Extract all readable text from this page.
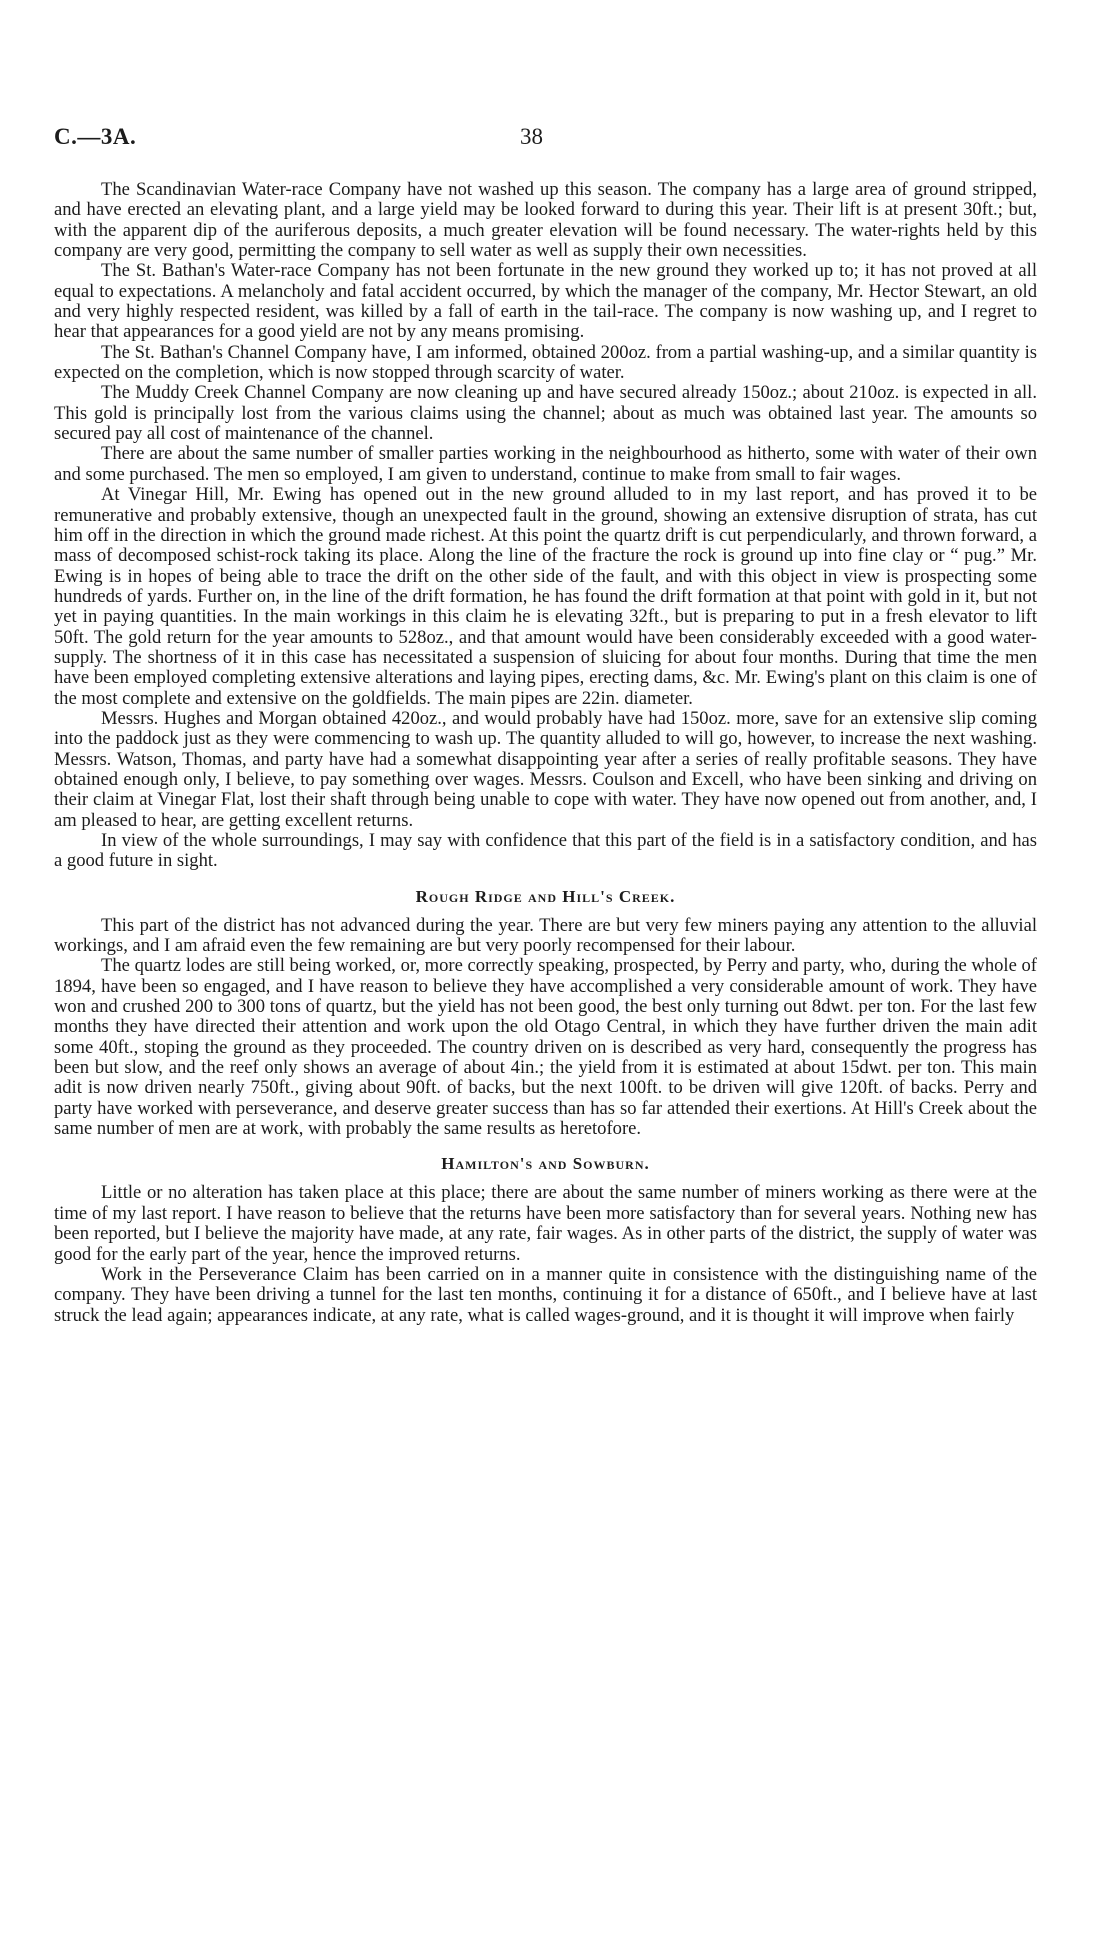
C.—3A.	38

The Scandinavian Water-race Company have not washed up this season. The company has a large area of ground stripped, and have erected an elevating plant, and a large yield may be looked forward to during this year. Their lift is at present 30ft.; but, with the apparent dip of the auriferous deposits, a much greater elevation will be found necessary. The water-rights held by this company are very good, permitting the company to sell water as well as supply their own necessities.

The St. Bathan's Water-race Company has not been fortunate in the new ground they worked up to; it has not proved at all equal to expectations. A melancholy and fatal accident occurred, by which the manager of the company, Mr. Hector Stewart, an old and very highly respected resident, was killed by a fall of earth in the tail-race. The company is now washing up, and I regret to hear that appearances for a good yield are not by any means promising.

The St. Bathan's Channel Company have, I am informed, obtained 200oz. from a partial washing-up, and a similar quantity is expected on the completion, which is now stopped through scarcity of water.

The Muddy Creek Channel Company are now cleaning up and have secured already 150oz.; about 210oz. is expected in all. This gold is principally lost from the various claims using the channel; about as much was obtained last year. The amounts so secured pay all cost of maintenance of the channel.

There are about the same number of smaller parties working in the neighbourhood as hitherto, some with water of their own and some purchased. The men so employed, I am given to understand, continue to make from small to fair wages.

At Vinegar Hill, Mr. Ewing has opened out in the new ground alluded to in my last report, and has proved it to be remunerative and probably extensive, though an unexpected fault in the ground, showing an extensive disruption of strata, has cut him off in the direction in which the ground made richest. At this point the quartz drift is cut perpendicularly, and thrown forward, a mass of decomposed schist-rock taking its place. Along the line of the fracture the rock is ground up into fine clay or “ pug.” Mr. Ewing is in hopes of being able to trace the drift on the other side of the fault, and with this object in view is prospecting some hundreds of yards. Further on, in the line of the drift formation, he has found the drift formation at that point with gold in it, but not yet in paying quantities. In the main workings in this claim he is elevating 32ft., but is preparing to put in a fresh elevator to lift 50ft. The gold return for the year amounts to 528oz., and that amount would have been considerably exceeded with a good water-supply. The shortness of it in this case has necessitated a suspension of sluicing for about four months. During that time the men have been employed completing extensive alterations and laying pipes, erecting dams, &c. Mr. Ewing's plant on this claim is one of the most complete and extensive on the goldfields. The main pipes are 22in. diameter.

Messrs. Hughes and Morgan obtained 420oz., and would probably have had 150oz. more, save for an extensive slip coming into the paddock just as they were commencing to wash up. The quantity alluded to will go, however, to increase the next washing. Messrs. Watson, Thomas, and party have had a somewhat disappointing year after a series of really profitable seasons. They have obtained enough only, I believe, to pay something over wages. Messrs. Coulson and Excell, who have been sinking and driving on their claim at Vinegar Flat, lost their shaft through being unable to cope with water. They have now opened out from another, and, I am pleased to hear, are getting excellent returns.

In view of the whole surroundings, I may say with confidence that this part of the field is in a satisfactory condition, and has a good future in sight.

Rough Ridge and Hill's Creek.

This part of the district has not advanced during the year. There are but very few miners paying any attention to the alluvial workings, and I am afraid even the few remaining are but very poorly recompensed for their labour.

The quartz lodes are still being worked, or, more correctly speaking, prospected, by Perry and party, who, during the whole of 1894, have been so engaged, and I have reason to believe they have accomplished a very considerable amount of work. They have won and crushed 200 to 300 tons of quartz, but the yield has not been good, the best only turning out 8dwt. per ton. For the last few months they have directed their attention and work upon the old Otago Central, in which they have further driven the main adit some 40ft., stoping the ground as they proceeded. The country driven on is described as very hard, consequently the progress has been but slow, and the reef only shows an average of about 4in.; the yield from it is estimated at about 15dwt. per ton. This main adit is now driven nearly 750ft., giving about 90ft. of backs, but the next 100ft. to be driven will give 120ft. of backs. Perry and party have worked with perseverance, and deserve greater success than has so far attended their exertions. At Hill's Creek about the same number of men are at work, with probably the same results as heretofore.

Hamilton's and Sowburn.

Little or no alteration has taken place at this place; there are about the same number of miners working as there were at the time of my last report. I have reason to believe that the returns have been more satisfactory than for several years. Nothing new has been reported, but I believe the majority have made, at any rate, fair wages. As in other parts of the district, the supply of water was good for the early part of the year, hence the improved returns.

Work in the Perseverance Claim has been carried on in a manner quite in consistence with the distinguishing name of the company. They have been driving a tunnel for the last ten months, continuing it for a distance of 650ft., and I believe have at last struck the lead again; appearances indicate, at any rate, what is called wages-ground, and it is thought it will improve when fairly
